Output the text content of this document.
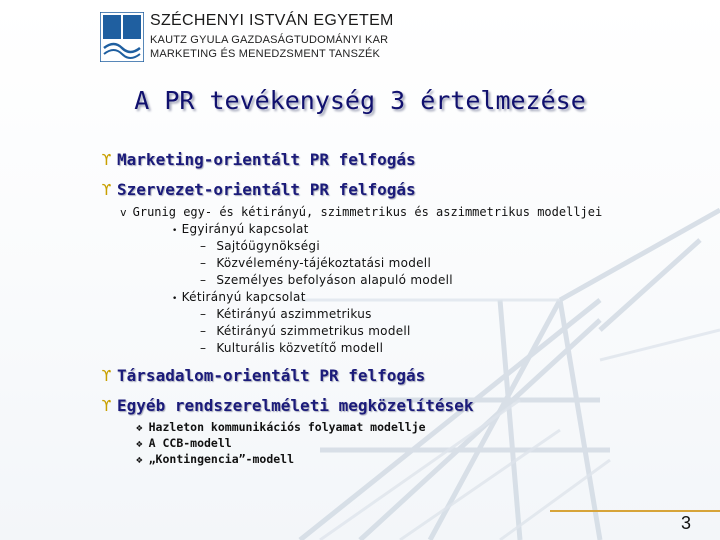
SZÉCHENYI ISTVÁN EGYETEM
KAUTZ GYULA GAZDASÁGTUDOMÁNYI KAR
MARKETING ÉS MENEDZSMENT TANSZÉK
A PR tevékenység 3 értelmezése
ϒ Marketing-orientált PR felfogás
ϒ Szervezet-orientált PR felfogás
v Grunig egy- és kétirányú, szimmetrikus és aszimmetrikus modelljei
• Egyirányú kapcsolat
– Sajtóügynökségi
– Közvélemény-tájékoztatási modell
– Személyes befolyáson alapuló modell
• Kétirányú kapcsolat
– Kétirányú aszimmetrikus
– Kétirányú szimmetrikus modell
– Kulturális közvetítő modell
ϒ Társadalom-orientált PR felfogás
ϒ Egyéb rendszerelméleti megközelítések
❖ Hazleton kommunikációs folyamat modellje
❖ A CCB-modell
❖ „Kontingencia”-modell
3
